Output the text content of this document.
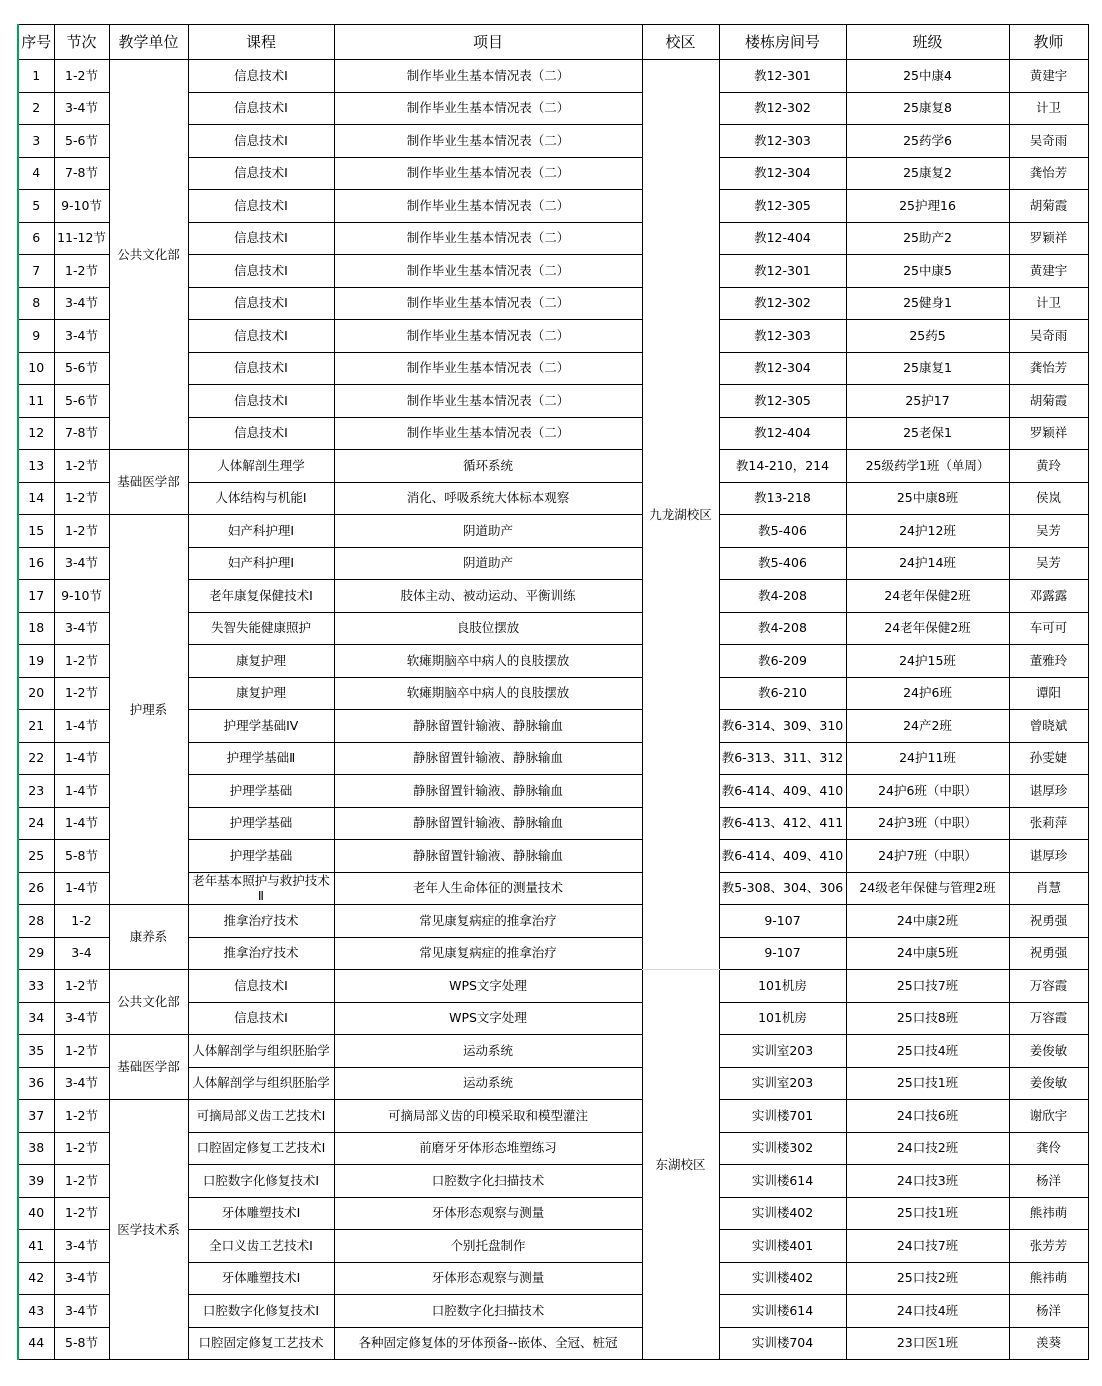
序号	节次	教学单位	课程	项目	校区	楼栋房间号	班级	教师
1	1-2节	公共文化部	信息技术Ⅰ	制作毕业生基本情况表（二）	九龙湖校区	教12-301	25中康4	黄建宇
2	3-4节		信息技术Ⅰ	制作毕业生基本情况表（二）		教12-302	25康复8	计卫
3	5-6节		信息技术Ⅰ	制作毕业生基本情况表（二）		教12-303	25药学6	吴奇雨
4	7-8节		信息技术Ⅰ	制作毕业生基本情况表（二）		教12-304	25康复2	龚怡芳
5	9-10节		信息技术Ⅰ	制作毕业生基本情况表（二）		教12-305	25护理16	胡菊霞
6	11-12节		信息技术Ⅰ	制作毕业生基本情况表（二）		教12-404	25助产2	罗颖祥
7	1-2节		信息技术Ⅰ	制作毕业生基本情况表（二）		教12-301	25中康5	黄建宇
8	3-4节		信息技术Ⅰ	制作毕业生基本情况表（二）		教12-302	25健身1	计卫
9	3-4节		信息技术Ⅰ	制作毕业生基本情况表（二）		教12-303	25药5	吴奇雨
10	5-6节		信息技术Ⅰ	制作毕业生基本情况表（二）		教12-304	25康复1	龚怡芳
11	5-6节		信息技术Ⅰ	制作毕业生基本情况表（二）		教12-305	25护17	胡菊霞
12	7-8节		信息技术Ⅰ	制作毕业生基本情况表（二）		教12-404	25老保1	罗颖祥
13	1-2节	基础医学部	人体解剖生理学	循环系统		教14-210，214	25级药学1班（单周）	黄玲
14	1-2节		人体结构与机能I	消化、呼吸系统大体标本观察		教13-218	25中康8班	侯岚
15	1-2节	护理系	妇产科护理I	阴道助产		教5-406	24护12班	吴芳
16	3-4节		妇产科护理I	阴道助产		教5-406	24护14班	吴芳
17	9-10节		老年康复保健技术I	肢体主动、被动运动、平衡训练		教4-208	24老年保健2班	邓露露
18	3-4节		失智失能健康照护	良肢位摆放		教4-208	24老年保健2班	车可可
19	1-2节		康复护理	软瘫期脑卒中病人的良肢摆放		教6-209	24护15班	董雅玲
20	1-2节		康复护理	软瘫期脑卒中病人的良肢摆放		教6-210	24护6班	谭阳
21	1-4节		护理学基础IV	静脉留置针输液、静脉输血		教6-314、309、310	24产2班	曾晓斌
22	1-4节		护理学基础Ⅱ	静脉留置针输液、静脉输血		教6-313、311、312	24护11班	孙雯婕
23	1-4节		护理学基础	静脉留置针输液、静脉输血		教6-414、409、410	24护6班（中职）	谌厚珍
24	1-4节		护理学基础	静脉留置针输液、静脉输血		教6-413、412、411	24护3班（中职）	张莉萍
25	5-8节		护理学基础	静脉留置针输液、静脉输血		教6-414、409、410	24护7班（中职）	谌厚珍
26	1-4节		老年基本照护与救护技术Ⅱ	老年人生命体征的测量技术		教5-308、304、306	24级老年保健与管理2班	肖慧
28	1-2	康养系	推拿治疗技术	常见康复病症的推拿治疗		9-107	24中康2班	祝勇强
29	3-4		推拿治疗技术	常见康复病症的推拿治疗		9-107	24中康5班	祝勇强
33	1-2节	公共文化部	信息技术I	WPS文字处理	东湖校区	101机房	25口技7班	万容霞
34	3-4节		信息技术I	WPS文字处理		101机房	25口技8班	万容霞
35	1-2节	基础医学部	人体解剖学与组织胚胎学	运动系统		实训室203	25口技4班	姜俊敏
36	3-4节		人体解剖学与组织胚胎学	运动系统		实训室203	25口技1班	姜俊敏
37	1-2节	医学技术系	可摘局部义齿工艺技术I	可摘局部义齿的印模采取和模型灌注		实训楼701	24口技6班	谢欣宇
38	1-2节		口腔固定修复工艺技术I	前磨牙牙体形态堆塑练习		实训楼302	24口技2班	龚伶
39	1-2节		口腔数字化修复技术I	口腔数字化扫描技术		实训楼614	24口技3班	杨洋
40	1-2节		牙体雕塑技术I	牙体形态观察与测量		实训楼402	25口技1班	熊祎萌
41	3-4节		全口义齿工艺技术I	个别托盘制作		实训楼401	24口技7班	张芳芳
42	3-4节		牙体雕塑技术I	牙体形态观察与测量		实训楼402	25口技2班	熊祎萌
43	3-4节		口腔数字化修复技术I	口腔数字化扫描技术		实训楼614	24口技4班	杨洋
44	5-8节		口腔固定修复工艺技术	各种固定修复体的牙体预备--嵌体、全冠、桩冠		实训楼704	23口医1班	羡葵
